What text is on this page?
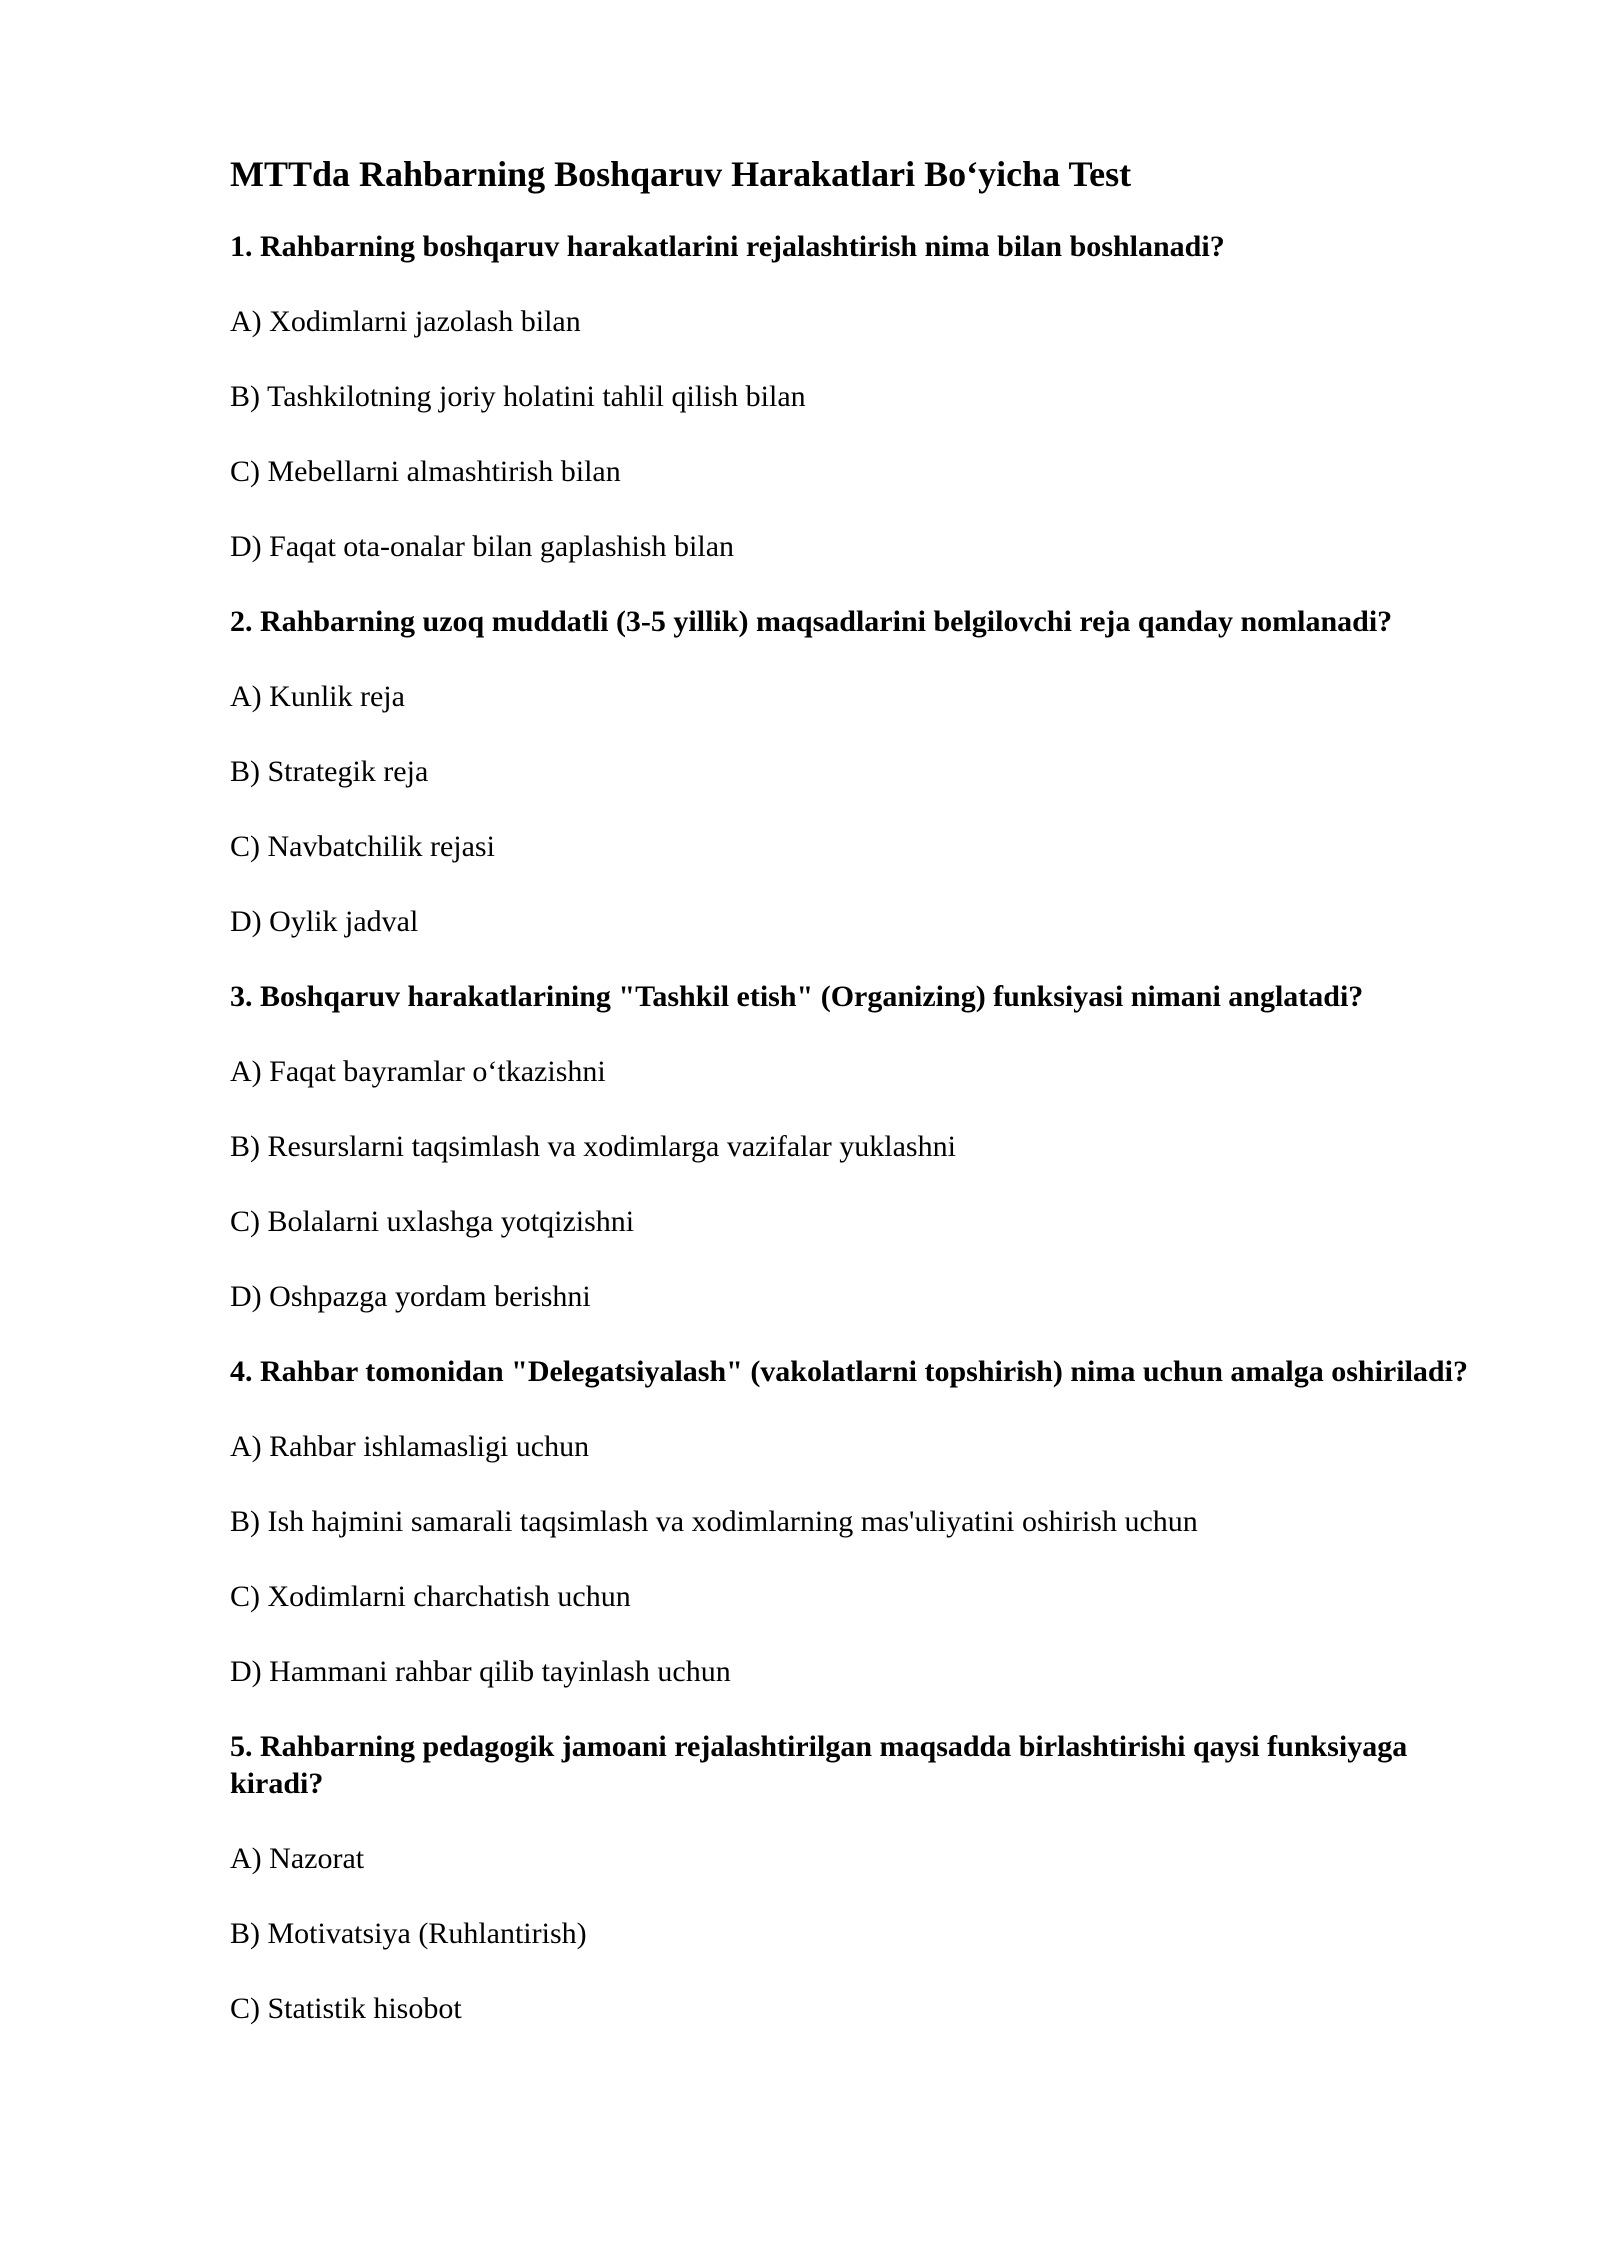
MTTda Rahbarning Boshqaruv Harakatlari Bo‘yicha Test

1. Rahbarning boshqaruv harakatlarini rejalashtirish nima bilan boshlanadi?

A) Xodimlarni jazolash bilan

B) Tashkilotning joriy holatini tahlil qilish bilan

C) Mebellarni almashtirish bilan

D) Faqat ota-onalar bilan gaplashish bilan

2. Rahbarning uzoq muddatli (3-5 yillik) maqsadlarini belgilovchi reja qanday nomlanadi?

A) Kunlik reja

B) Strategik reja

C) Navbatchilik rejasi

D) Oylik jadval

3. Boshqaruv harakatlarining "Tashkil etish" (Organizing) funksiyasi nimani anglatadi?

A) Faqat bayramlar o‘tkazishni

B) Resurslarni taqsimlash va xodimlarga vazifalar yuklashni

C) Bolalarni uxlashga yotqizishni

D) Oshpazga yordam berishni

4. Rahbar tomonidan "Delegatsiyalash" (vakolatlarni topshirish) nima uchun amalga oshiriladi?

A) Rahbar ishlamasligi uchun

B) Ish hajmini samarali taqsimlash va xodimlarning mas'uliyatini oshirish uchun

C) Xodimlarni charchatish uchun

D) Hammani rahbar qilib tayinlash uchun

5. Rahbarning pedagogik jamoani rejalashtirilgan maqsadda birlashtirishi qaysi funksiyaga kiradi?

A) Nazorat

B) Motivatsiya (Ruhlantirish)

C) Statistik hisobot
